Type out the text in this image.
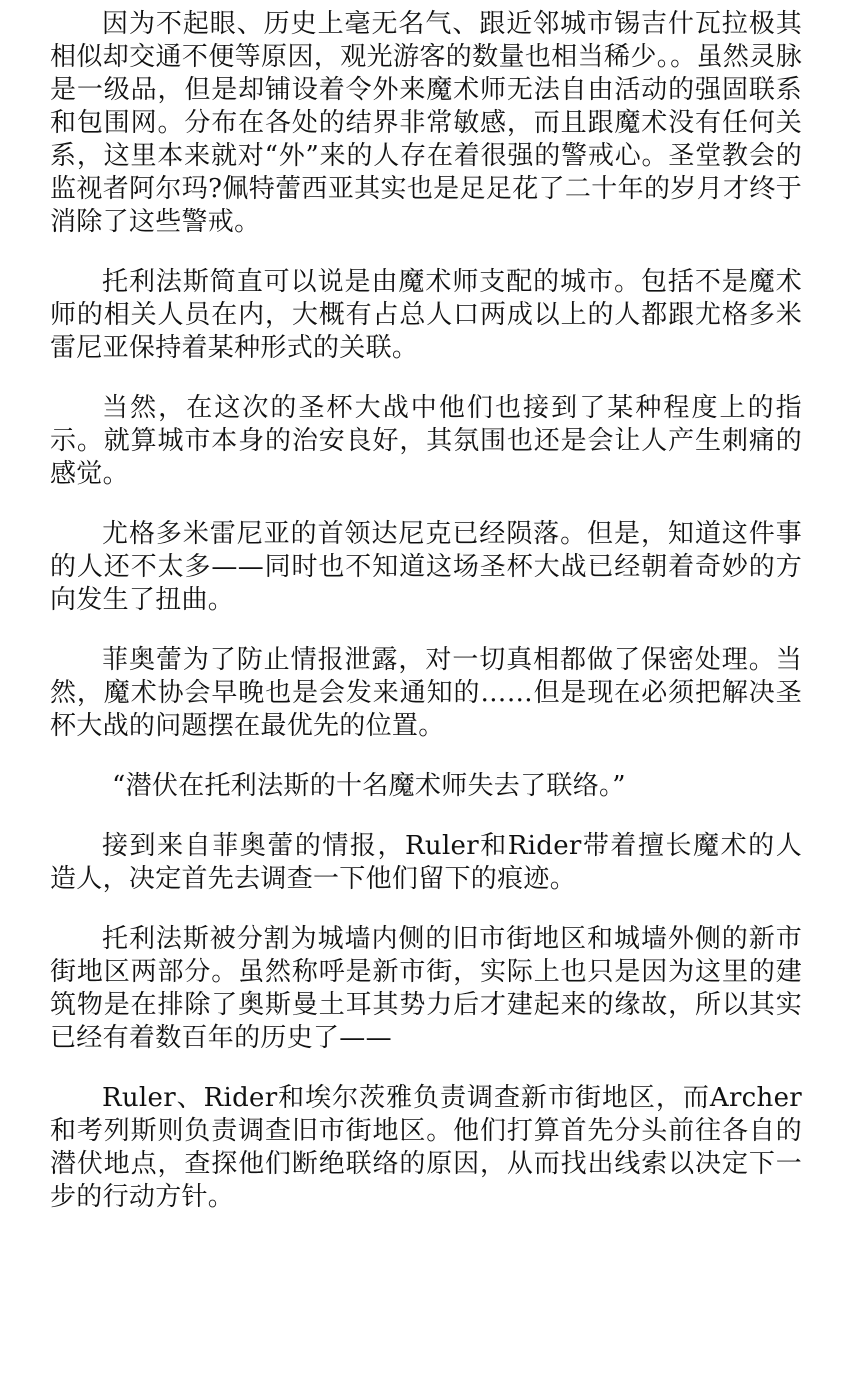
因为不起眼、历史上毫无名气、跟近邻城市锡吉什瓦拉极其相似却交通不便等原因，观光游客的数量也相当稀少。。虽然灵脉是一级品，但是却铺设着令外来魔术师无法自由活动的强固联系和包围网。分布在各处的结界非常敏感，而且跟魔术没有任何关系，这里本来就对“外”来的人存在着很强的警戒心。圣堂教会的监视者阿尔玛?佩特蕾西亚其实也是足足花了二十年的岁月才终于消除了这些警戒。

托利法斯简直可以说是由魔术师支配的城市。包括不是魔术师的相关人员在内，大概有占总人口两成以上的人都跟尤格多米雷尼亚保持着某种形式的关联。

当然，在这次的圣杯大战中他们也接到了某种程度上的指示。就算城市本身的治安良好，其氛围也还是会让人产生刺痛的感觉。

尤格多米雷尼亚的首领达尼克已经陨落。但是，知道这件事的人还不太多——同时也不知道这场圣杯大战已经朝着奇妙的方向发生了扭曲。

菲奥蕾为了防止情报泄露，对一切真相都做了保密处理。当然，魔术协会早晚也是会发来通知的……但是现在必须把解决圣杯大战的问题摆在最优先的位置。

“潜伏在托利法斯的十名魔术师失去了联络。”

接到来自菲奥蕾的情报，Ruler和Rider带着擅长魔术的人造人，决定首先去调查一下他们留下的痕迹。

托利法斯被分割为城墙内侧的旧市街地区和城墙外侧的新市街地区两部分。虽然称呼是新市街，实际上也只是因为这里的建筑物是在排除了奥斯曼土耳其势力后才建起来的缘故，所以其实已经有着数百年的历史了——

Ruler、Rider和埃尔茨雅负责调查新市街地区，而Archer和考列斯则负责调查旧市街地区。他们打算首先分头前往各自的潜伏地点，查探他们断绝联络的原因，从而找出线索以决定下一步的行动方针。
